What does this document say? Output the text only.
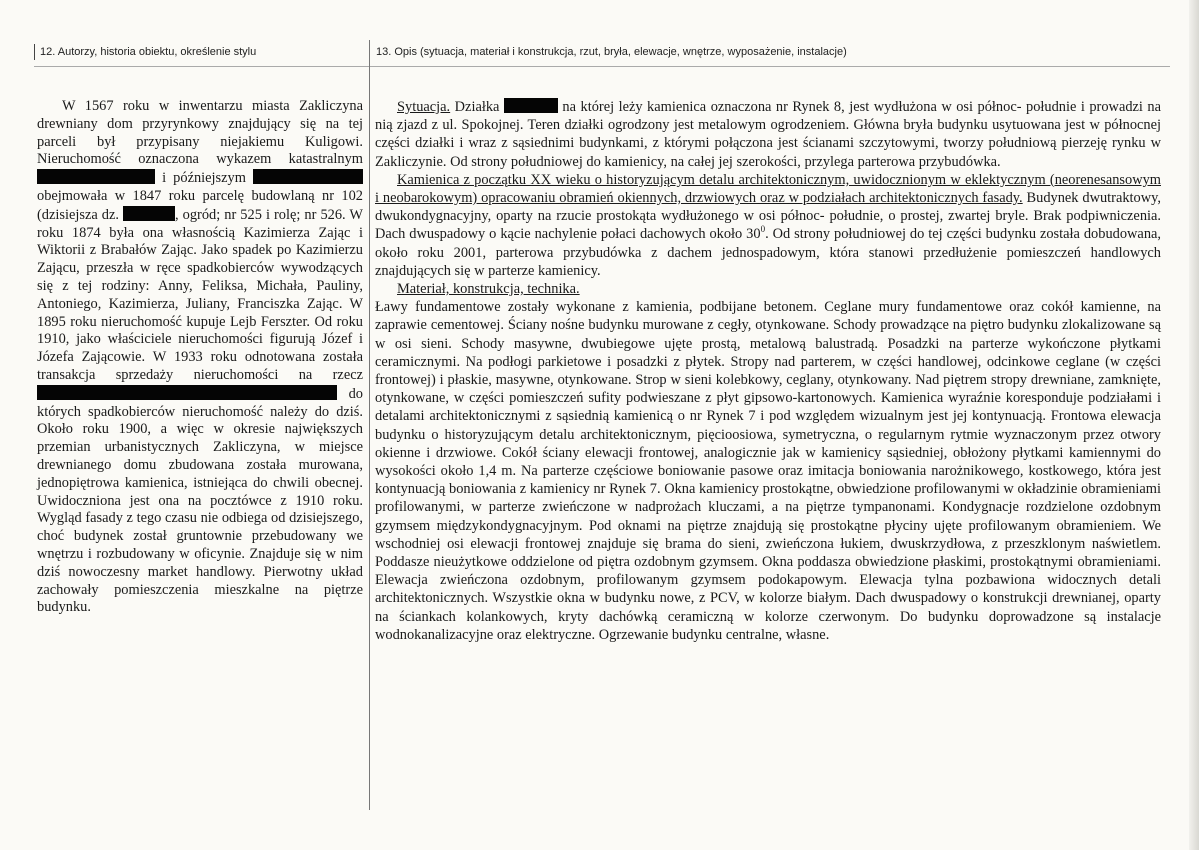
12. Autorzy, historia obiektu, określenie stylu	13. Opis (sytuacja, materiał i konstrukcja, rzut, bryła, elewacje, wnętrze, wyposażenie, instalacje)

W 1567 roku w inwentarzu miasta Zakliczyna drewniany dom przyrynkowy znajdujący się na tej parceli był przypisany niejakiemu Kuligowi. Nieruchomość oznaczona wykazem katastralnym i późniejszym  obejmowała w 1847 roku parcelę budowlaną nr 102 (dzisiejsza dz.	, ogród; nr 525 i rolę; nr 526. W roku 1874 była ona własnością Kazimierza Zając i Wiktorii z Brabałów Zając. Jako spadek po Kazimierzu Zającu, przeszła w ręce spadkobierców wywodzących się z tej rodziny: Anny, Feliksa, Michała, Pauliny, Antoniego, Kazimierza, Juliany, Franciszka Zając. W 1895 roku nieruchomość kupuje Lejb Ferszter. Od roku 1910, jako właściciele nieruchomości figurują Józef i Józefa Zającowie. W 1933 roku odnotowana została transakcja sprzedaży nieruchomości na rzecz  do których spadkobierców nieruchomość należy do dziś. Około roku 1900, a więc w okresie największych przemian urbanistycznych Zakliczyna, w miejsce drewnianego domu zbudowana została murowana, jednopiętrowa kamienica, istniejąca do chwili obecnej. Uwidoczniona jest ona na pocztówce z 1910 roku. Wygląd fasady z tego czasu nie odbiega od dzisiejszego, choć budynek został gruntownie przebudowany we wnętrzu i rozbudowany w oficynie. Znajduje się w nim dziś nowoczesny market handlowy. Pierwotny układ zachowały pomieszczenia mieszkalne na piętrze budynku.

Sytuacja. Działka	na której leży kamienica oznaczona nr Rynek 8, jest wydłużona w osi północ- południe i prowadzi na nią zjazd z ul. Spokojnej. Teren działki ogrodzony jest metalowym ogrodzeniem. Główna bryła budynku usytuowana jest w północnej części działki i wraz z sąsiednimi budynkami, z którymi połączona jest ścianami szczytowymi, tworzy południową pierzeję rynku w Zakliczynie. Od strony południowej do kamienicy, na całej jej szerokości, przylega parterowa przybudówka.

Kamienica z początku XX wieku o historyzującym detalu architektonicznym, uwidocznionym w eklektycznym (neorenesansowym i neobarokowym) opracowaniu obramień okiennych, drzwiowych oraz w podziałach architektonicznych fasady. Budynek dwutraktowy, dwukondygnacyjny, oparty na rzucie prostokąta wydłużonego w osi północ- południe, o prostej, zwartej bryle. Brak podpiwniczenia. Dach dwuspadowy o kącie nachylenie połaci dachowych około $30^0$. Od strony południowej do tej części budynku została dobudowana, około roku 2001, parterowa przybudówka z dachem jednospadowym, która stanowi przedłużenie pomieszczeń handlowych znajdujących się w parterze kamienicy.

Materiał, konstrukcja, technika.

Ławy fundamentowe zostały wykonane z kamienia, podbijane betonem. Ceglane mury fundamentowe oraz cokół kamienne, na zaprawie cementowej. Ściany nośne budynku murowane z cegły, otynkowane. Schody prowadzące na piętro budynku zlokalizowane są w osi sieni. Schody masywne, dwubiegowe ujęte prostą, metalową balustradą. Posadzki na parterze wykończone płytkami ceramicznymi. Na podłogi parkietowe i posadzki z płytek. Stropy nad parterem, w części handlowej, odcinkowe ceglane (w części frontowej) i płaskie, masywne, otynkowane. Strop w sieni kolebkowy, ceglany, otynkowany. Nad piętrem stropy drewniane, zamknięte, otynkowane, w części pomieszczeń sufity podwieszane z płyt gipsowo-kartonowych. Kamienica wyraźnie koresponduje podziałami i detalami architektonicznymi z sąsiednią kamienicą o nr Rynek 7 i pod względem wizualnym jest jej kontynuacją. Frontowa elewacja budynku o historyzującym detalu architektonicznym, pięcioosiowa, symetryczna, o regularnym rytmie wyznaczonym przez otwory okienne i drzwiowe. Cokół ściany elewacji frontowej, analogicznie jak w kamienicy sąsiedniej, obłożony płytkami kamiennymi do wysokości około 1,4 m. Na parterze częściowe boniowanie pasowe oraz imitacja boniowania narożnikowego, kostkowego, która jest kontynuacją boniowania z kamienicy nr Rynek 7. Okna kamienicy prostokątne, obwiedzione profilowanymi w okładzinie obramieniami profilowanymi, w parterze zwieńczone w nadprożach kluczami, a na piętrze tympanonami. Kondygnacje rozdzielone ozdobnym gzymsem międzykondygnacyjnym. Pod oknami na piętrze znajdują się prostokątne płyciny ujęte profilowanym obramieniem. We wschodniej osi elewacji frontowej znajduje się brama do sieni, zwieńczona łukiem, dwuskrzydłowa, z przeszklonym naświetlem. Poddasze nieużytkowe oddzielone od piętra ozdobnym gzymsem. Okna poddasza obwiedzione płaskimi, prostokątnymi obramieniami. Elewacja zwieńczona ozdobnym, profilowanym gzymsem podokapowym. Elewacja tylna pozbawiona widocznych detali architektonicznych. Wszystkie okna w budynku nowe, z PCV, w kolorze białym. Dach dwuspadowy o konstrukcji drewnianej, oparty na ściankach kolankowych, kryty dachówką ceramiczną w kolorze czerwonym. Do budynku doprowadzone są instalacje wodnokanalizacyjne oraz elektryczne. Ogrzewanie budynku centralne, własne.
